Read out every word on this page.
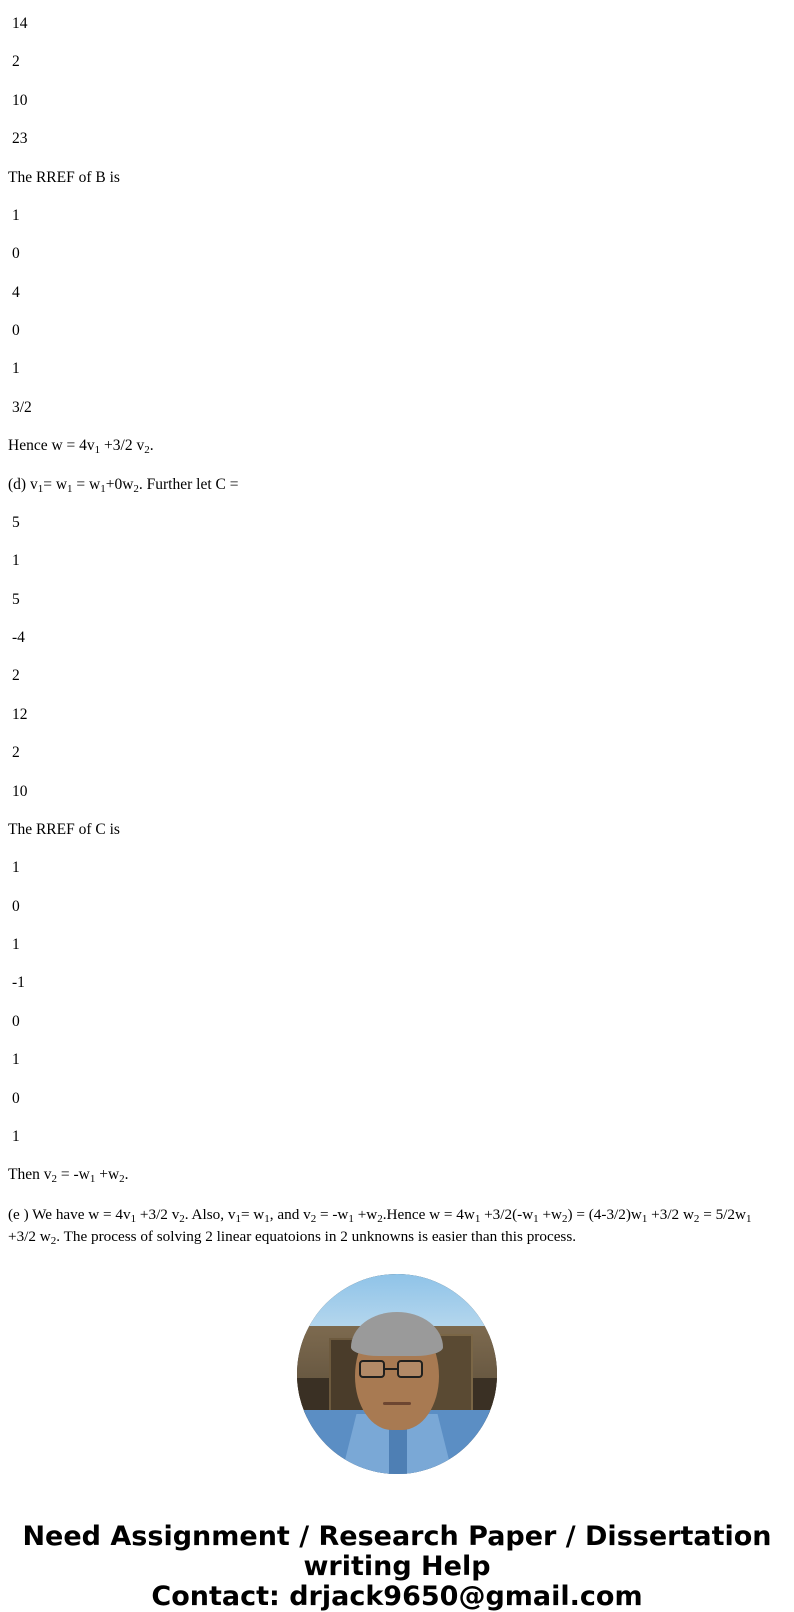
14
2
10
23
The RREF of B is
1
0
4
0
1
3/2
Hence $w = 4v_1 +3/2$ $v_2$.
(d) $v_1= w_1 = w_1+0w_2$. Further let C =
5
1
5
-4
2
12
2
10
The RREF of C is
1
0
1
-1
0
1
0
1
Then $v_2 = -w_1 +w_2$.
(e ) We have $w = 4v_1 +3/2$ $v_2$. Also, $v_1= w_1$, and $v_2 = -w_1$ $+w_2.Hence$ $w = 4w_1 +3/2(-w_1 +w_2) = (4-3/2)w_1 +3/2$ $w_2 = 5/2w_1 +3/2$ $w_2$. The process of solving 2 linear equatoions in 2 unknowns is easier than this process.
Need Assignment / Research Paper / Dissertation
writing Help
Contact: drjack9650@gmail.com
